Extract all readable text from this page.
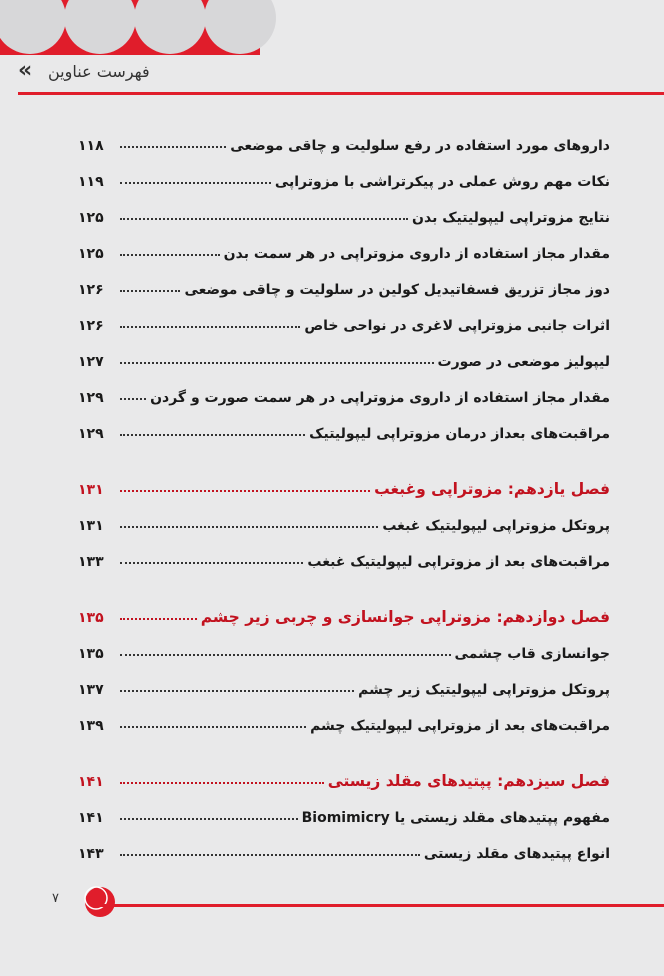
« فهرست عناوین
داروهای مورد استفاده در رفع سلولیت و چاقی موضعی
۱۱۸
نکات مهم روش عملی در پیکرتراشی با مزوتراپی
۱۱۹
نتایج مزوتراپی لیپولیتیک بدن
۱۲۵
مقدار مجاز استفاده از داروی مزوتراپی در هر سمت بدن
۱۲۵
دوز مجاز تزریق فسفاتیدیل کولین در سلولیت و چاقی موضعی
۱۲۶
اثرات جانبی مزوتراپی لاغری در نواحی خاص
۱۲۶
لیپولیز موضعی در صورت
۱۲۷
مقدار مجاز استفاده از داروی مزوتراپی در هر سمت صورت و گردن
۱۲۹
مراقبت‌های بعداز درمان مزوتراپی لیپولیتیک
۱۲۹
فصل یازدهم: مزوتراپی وغبغب
۱۳۱
پروتکل مزوتراپی لیپولیتیک غبغب
۱۳۱
مراقبت‌های بعد از مزوتراپی لیپولیتیک غبغب
۱۳۳
فصل دوازدهم: مزوتراپی جوانسازی و چربی زیر چشم
۱۳۵
جوانسازی قاب چشمی
۱۳۵
پروتکل مزوتراپی لیپولیتیک زیر چشم
۱۳۷
مراقبت‌های بعد از مزوتراپی لیپولیتیک چشم
۱۳۹
فصل سیزدهم: پپتیدهای مقلد زیستی
۱۴۱
مفهوم پپتیدهای مقلد زیستی یا Biomimicry
۱۴۱
انواع پپتیدهای مقلد زیستی
۱۴۳
۷
